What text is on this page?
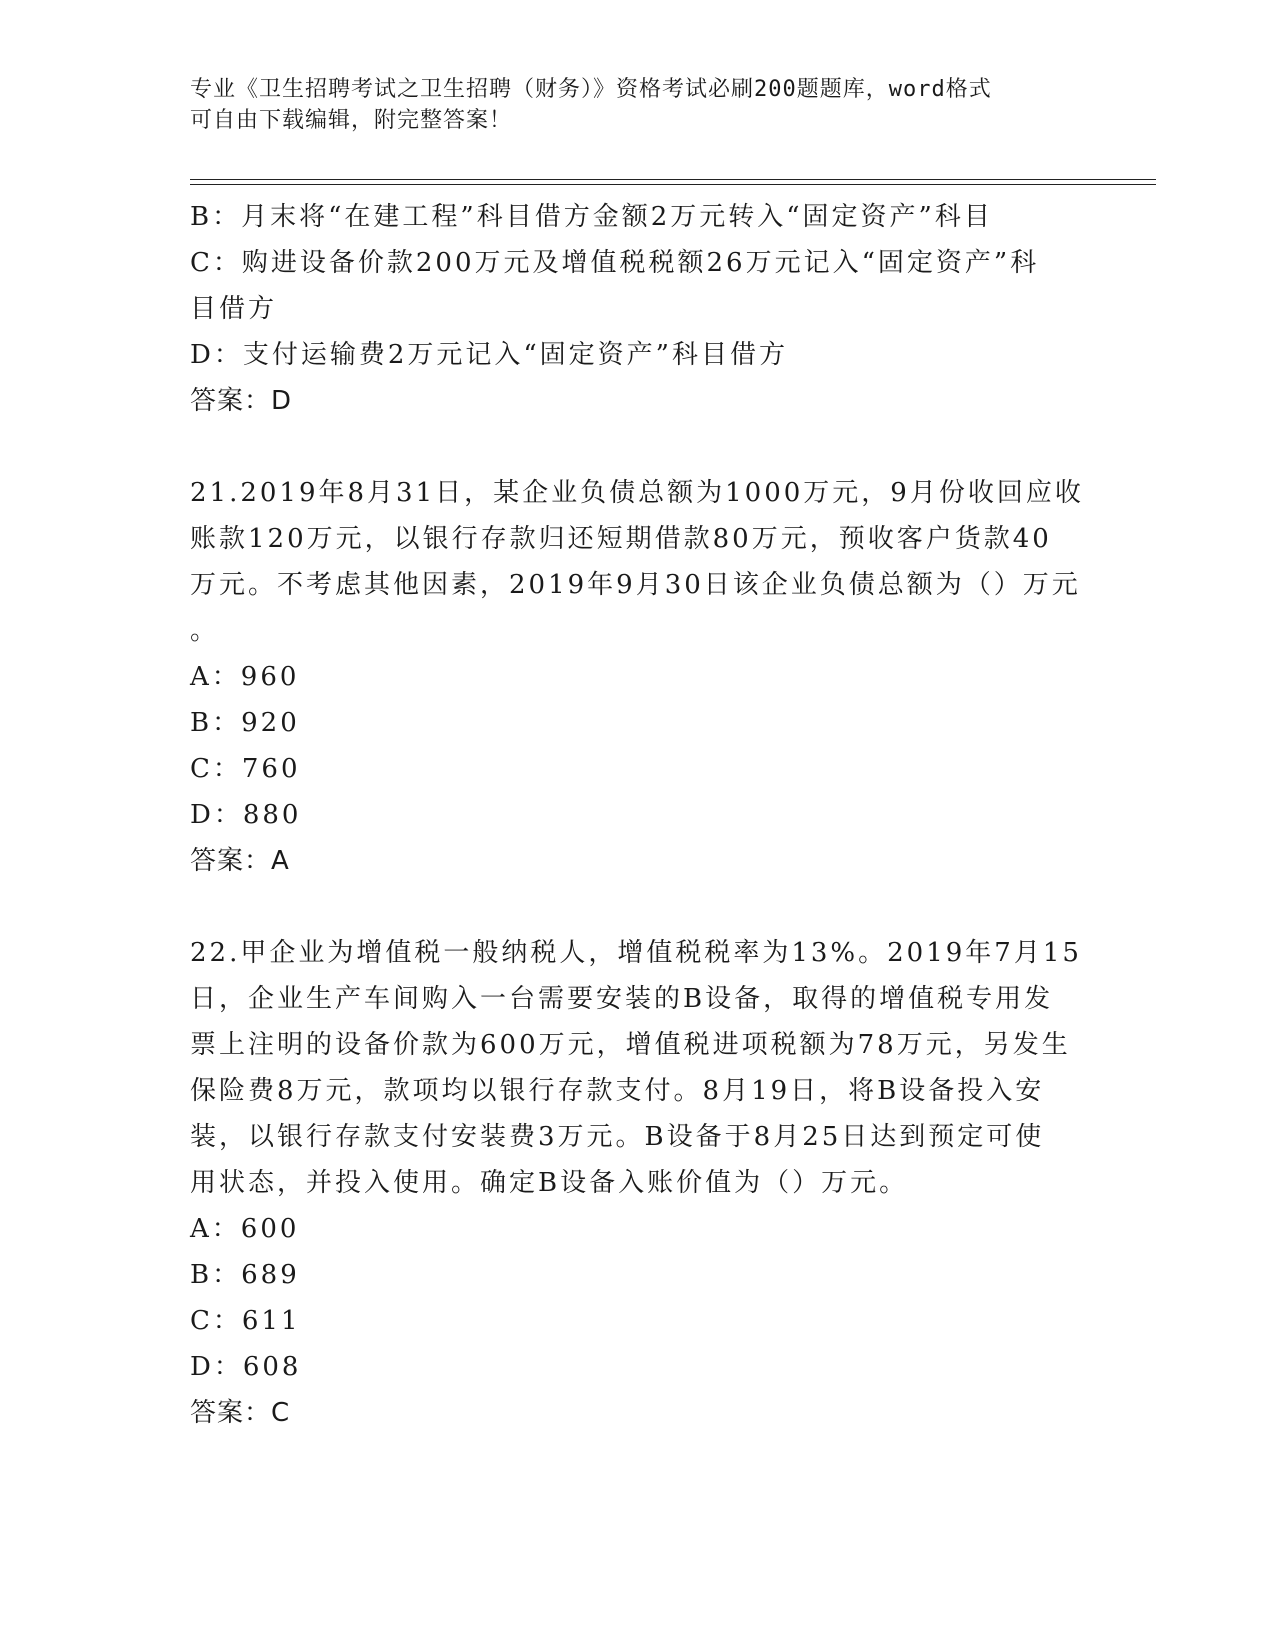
专业《卫生招聘考试之卫生招聘（财务）》资格考试必刷200题题库，word格式
可自由下载编辑，附完整答案！
B：月末将“在建工程”科目借方金额2万元转入“固定资产”科目
C：购进设备价款200万元及增值税税额26万元记入“固定资产”科
目借方
D：支付运输费2万元记入“固定资产”科目借方
答案：D
21.2019年8月31日，某企业负债总额为1000万元，9月份收回应收
账款120万元，以银行存款归还短期借款80万元，预收客户货款40
万元。不考虑其他因素，2019年9月30日该企业负债总额为（）万元
。
A：960
B：920
C：760
D：880
答案：A
22.甲企业为增值税一般纳税人，增值税税率为13%。2019年7月15
日，企业生产车间购入一台需要安装的B设备，取得的增值税专用发
票上注明的设备价款为600万元，增值税进项税额为78万元，另发生
保险费8万元，款项均以银行存款支付。8月19日，将B设备投入安
装，以银行存款支付安装费3万元。B设备于8月25日达到预定可使
用状态，并投入使用。确定B设备入账价值为（）万元。
A：600
B：689
C：611
D：608
答案：C
